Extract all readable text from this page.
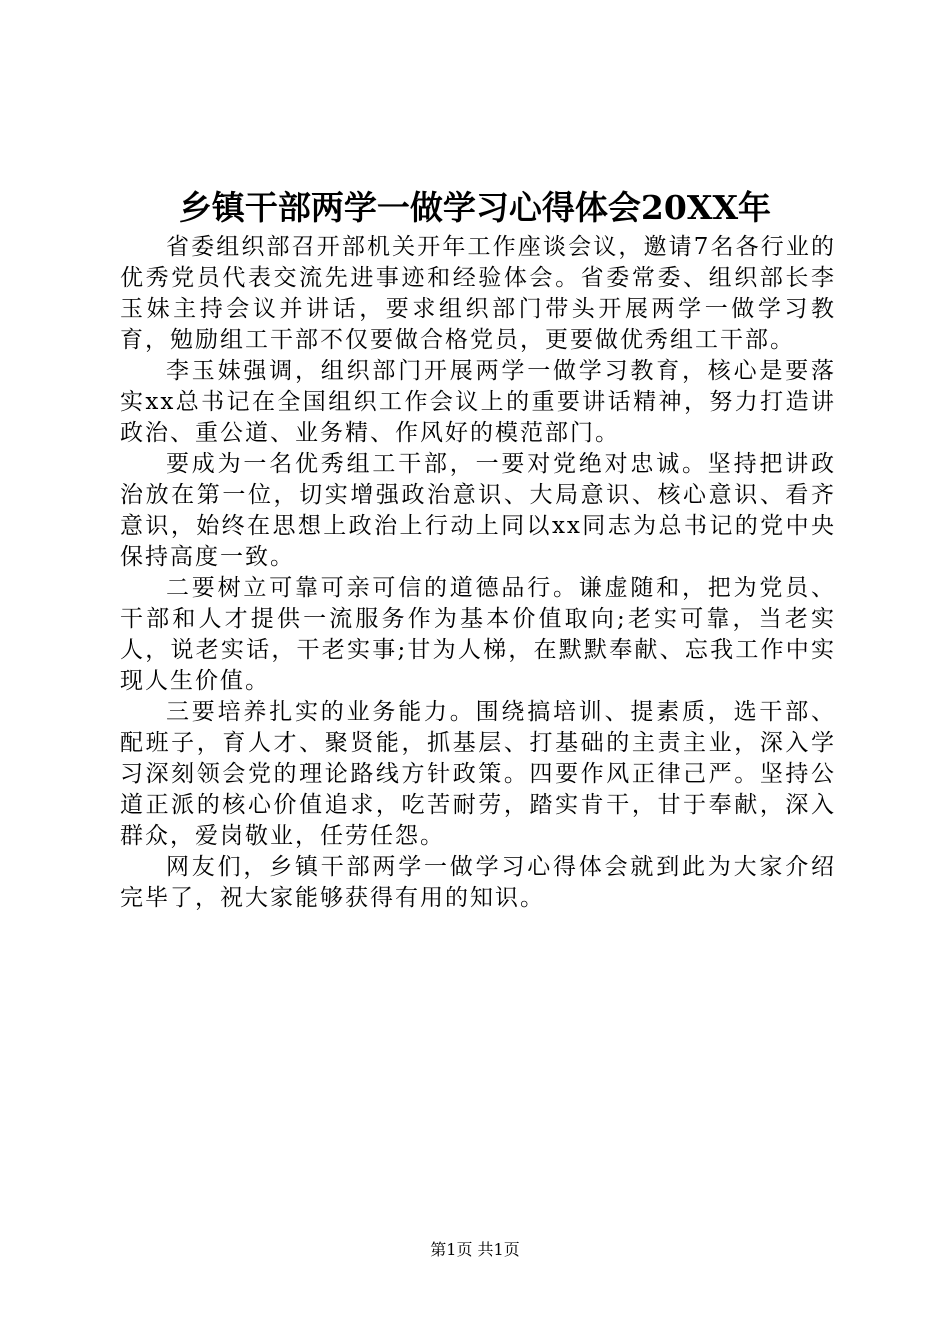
乡镇干部两学一做学习心得体会20XX年

省委组织部召开部机关开年工作座谈会议，邀请7名各行业的优秀党员代表交流先进事迹和经验体会。省委常委、组织部长李玉妹主持会议并讲话，要求组织部门带头开展两学一做学习教育，勉励组工干部不仅要做合格党员，更要做优秀组工干部。

李玉妹强调，组织部门开展两学一做学习教育，核心是要落实xx总书记在全国组织工作会议上的重要讲话精神，努力打造讲政治、重公道、业务精、作风好的模范部门。

要成为一名优秀组工干部，一要对党绝对忠诚。坚持把讲政治放在第一位，切实增强政治意识、大局意识、核心意识、看齐意识，始终在思想上政治上行动上同以xx同志为总书记的党中央保持高度一致。

二要树立可靠可亲可信的道德品行。谦虚随和，把为党员、干部和人才提供一流服务作为基本价值取向;老实可靠，当老实人，说老实话，干老实事;甘为人梯，在默默奉献、忘我工作中实现人生价值。

三要培养扎实的业务能力。围绕搞培训、提素质，选干部、配班子，育人才、聚贤能，抓基层、打基础的主责主业，深入学习深刻领会党的理论路线方针政策。四要作风正律己严。坚持公道正派的核心价值追求，吃苦耐劳，踏实肯干，甘于奉献，深入群众，爱岗敬业，任劳任怨。

网友们，乡镇干部两学一做学习心得体会就到此为大家介绍完毕了，祝大家能够获得有用的知识。

第1页 共1页
